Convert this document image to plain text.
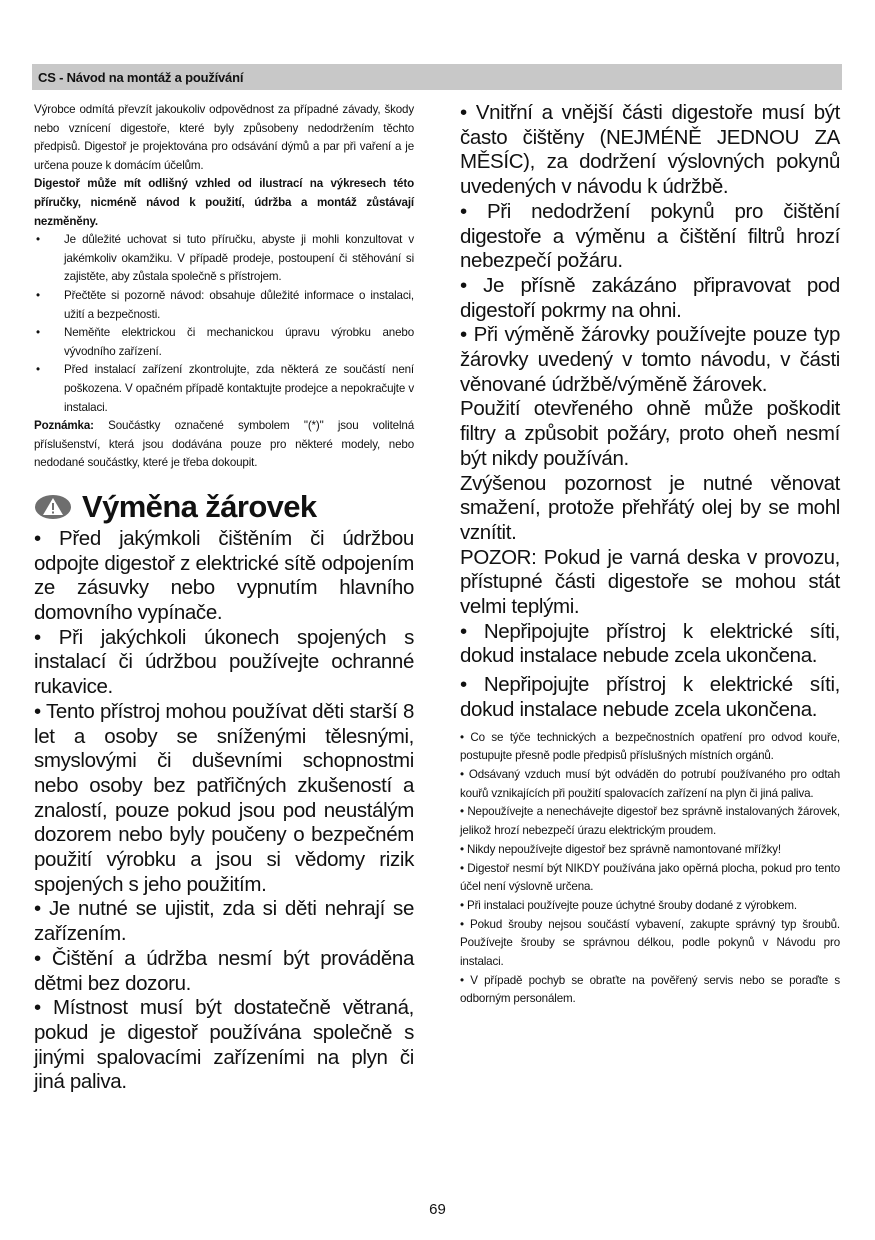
CS - Návod na montáž a používání

Výrobce odmítá převzít jakoukoliv odpovědnost za případné závady, škody nebo vznícení digestoře, které byly způsobeny nedodržením těchto předpisů. Digestoř je projektována pro odsávání dýmů a par při vaření a je určena pouze k domácím účelům.

Digestoř může mít odlišný vzhled od ilustrací na výkresech této příručky, nicméně návod k použití, údržba a montáž zůstávají nezměněny.

• Je důležité uchovat si tuto příručku, abyste ji mohli konzultovat v jakémkoliv okamžiku. V případě prodeje, postoupení či stěhování si zajistěte, aby zůstala společně s přístrojem.
• Přečtěte si pozorně návod: obsahuje důležité informace o instalaci, užití a bezpečnosti.
• Neměňte elektrickou či mechanickou úpravu výrobku anebo vývodního zařízení.
• Před instalací zařízení zkontrolujte, zda některá ze součástí není poškozena. V opačném případě kontaktujte prodejce a nepokračujte v instalaci.

Poznámka: Součástky označené symbolem "(*)" jsou volitelná příslušenství, která jsou dodávána pouze pro některé modely, nebo nedodané součástky, které je třeba dokoupit.

Výměna žárovek

• Před jakýmkoli čištěním či údržbou odpojte digestoř z elektrické sítě odpojením ze zásuvky nebo vypnutím hlavního domovního vypínače.

• Při jakýchkoli úkonech spojených s instalací či údržbou používejte ochranné rukavice.

• Tento přístroj mohou používat děti starší 8 let a osoby se sníženými tělesnými, smyslovými či duševními schopnostmi nebo osoby bez patřičných zkušeností a znalostí, pouze pokud jsou pod neustálým dozorem nebo byly poučeny o bezpečném použití výrobku a jsou si vědomy rizik spojených s jeho použitím.

• Je nutné se ujistit, zda si děti nehrají se zařízením.

• Čištění a údržba nesmí být prováděna dětmi bez dozoru.

• Místnost musí být dostatečně větraná, pokud je digestoř používána společně s jinými spalovacími zařízeními na plyn či jiná paliva.

• Vnitřní a vnější části digestoře musí být často čištěny (NEJMÉNĚ JEDNOU ZA MĚSÍC), za dodržení výslovných pokynů uvedených v návodu k údržbě.

• Při nedodržení pokynů pro čištění digestoře a výměnu a čištění filtrů hrozí nebezpečí požáru.

• Je přísně zakázáno připravovat pod digestoří pokrmy na ohni.

• Při výměně žárovky používejte pouze typ žárovky uvedený v tomto návodu, v části věnované údržbě/výměně žárovek.

Použití otevřeného ohně může poškodit filtry a způsobit požáry, proto oheň nesmí být nikdy používán.

Zvýšenou pozornost je nutné věnovat smažení, protože přehřátý olej by se mohl vznítit.

POZOR: Pokud je varná deska v provozu, přístupné části digestoře se mohou stát velmi teplými.

• Nepřipojujte přístroj k elektrické síti, dokud instalace nebude zcela ukončena.

• Nepřipojujte přístroj k elektrické síti, dokud instalace nebude zcela ukončena.

• Co se týče technických a bezpečnostních opatření pro odvod kouře, postupujte přesně podle předpisů příslušných místních orgánů.

• Odsávaný vzduch musí být odváděn do potrubí používaného pro odtah kouřů vznikajících při použití spalovacích zařízení na plyn či jiná paliva.

• Nepoužívejte a nenechávejte digestoř bez správně instalovaných žárovek, jelikož hrozí nebezpečí úrazu elektrickým proudem.

• Nikdy nepoužívejte digestoř bez správně namontované mřížky!

• Digestoř nesmí být NIKDY používána jako opěrná plocha, pokud pro tento účel není výslovně určena.

• Při instalaci používejte pouze úchytné šrouby dodané z výrobkem.

• Pokud šrouby nejsou součástí vybavení, zakupte správný typ šroubů. Používejte šrouby se správnou délkou, podle pokynů v Návodu pro instalaci.

• V případě pochyb se obraťte na pověřený servis nebo se poraďte s odborným personálem.

69
